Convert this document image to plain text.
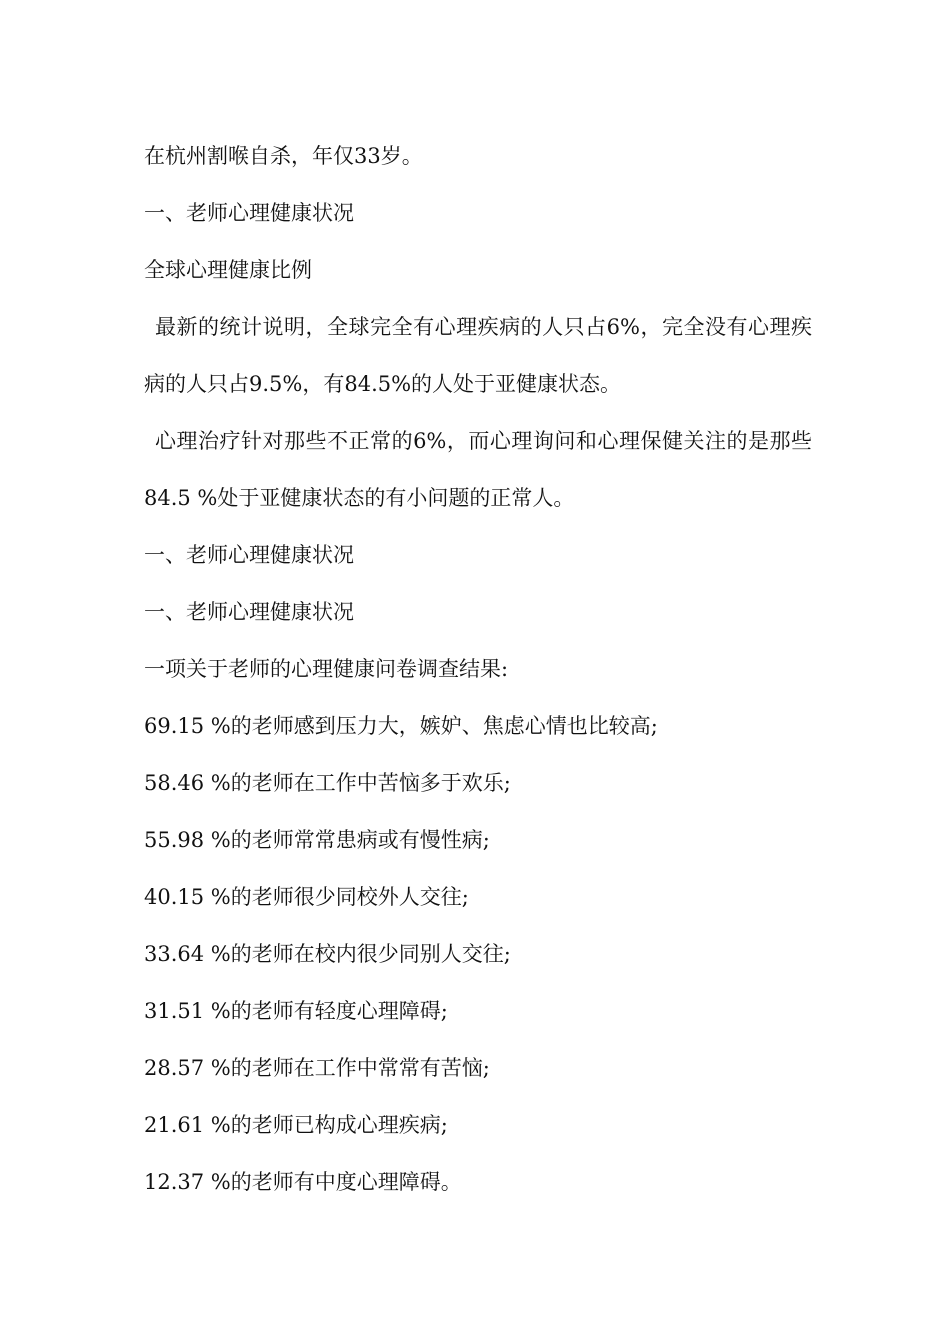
在杭州割喉自杀，年仅33岁。

一、老师心理健康状况

全球心理健康比例

最新的统计说明，全球完全有心理疾病的人只占6%，完全没有心理疾病的人只占9.5%，有84.5%的人处于亚健康状态。

心理治疗针对那些不正常的6%，而心理询问和心理保健关注的是那些84.5 %处于亚健康状态的有小问题的正常人。

一、老师心理健康状况

一、老师心理健康状况

一项关于老师的心理健康问卷调查结果:

69.15 %的老师感到压力大，嫉妒、焦虑心情也比较高;

58.46 %的老师在工作中苦恼多于欢乐;

55.98 %的老师常常患病或有慢性病;

40.15 %的老师很少同校外人交往;

33.64 %的老师在校内很少同别人交往;

31.51 %的老师有轻度心理障碍;

28.57 %的老师在工作中常常有苦恼;

21.61 %的老师已构成心理疾病;

12.37 %的老师有中度心理障碍。
